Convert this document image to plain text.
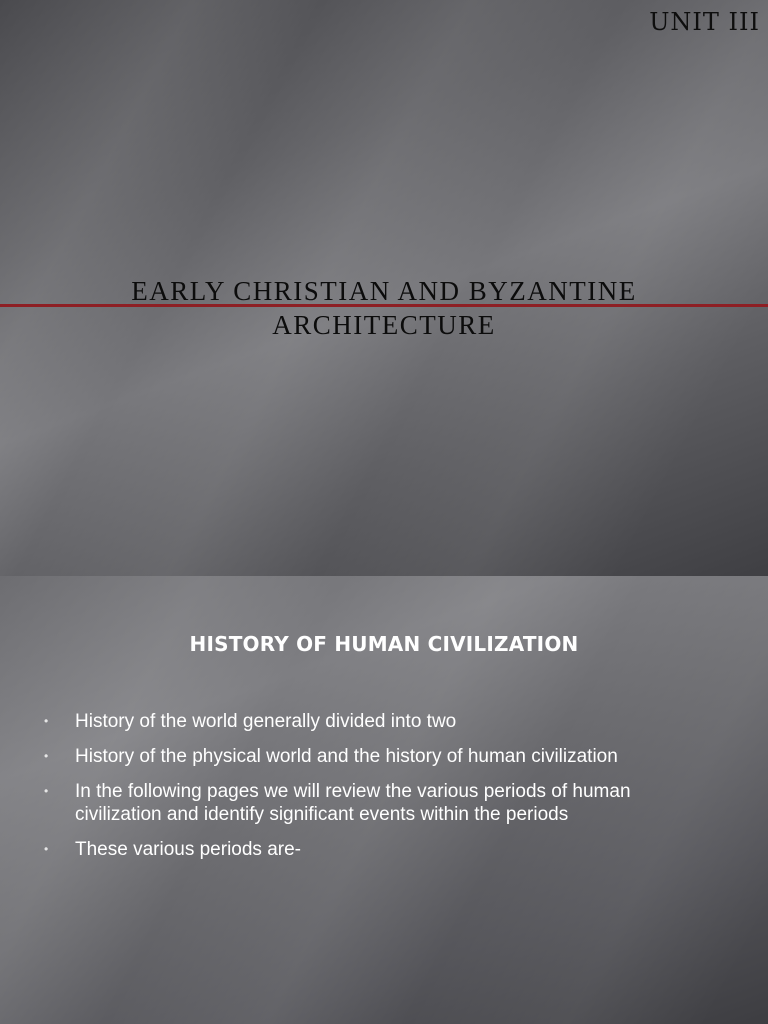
UNIT III
EARLY CHRISTIAN AND BYZANTINE
ARCHITECTURE
HISTORY OF HUMAN CIVILIZATION
• History of the world generally divided into two
• History of the physical world and the history of human civilization
• In the following pages we will review the various periods of human civilization and identify significant events within the periods
• These various periods are-
